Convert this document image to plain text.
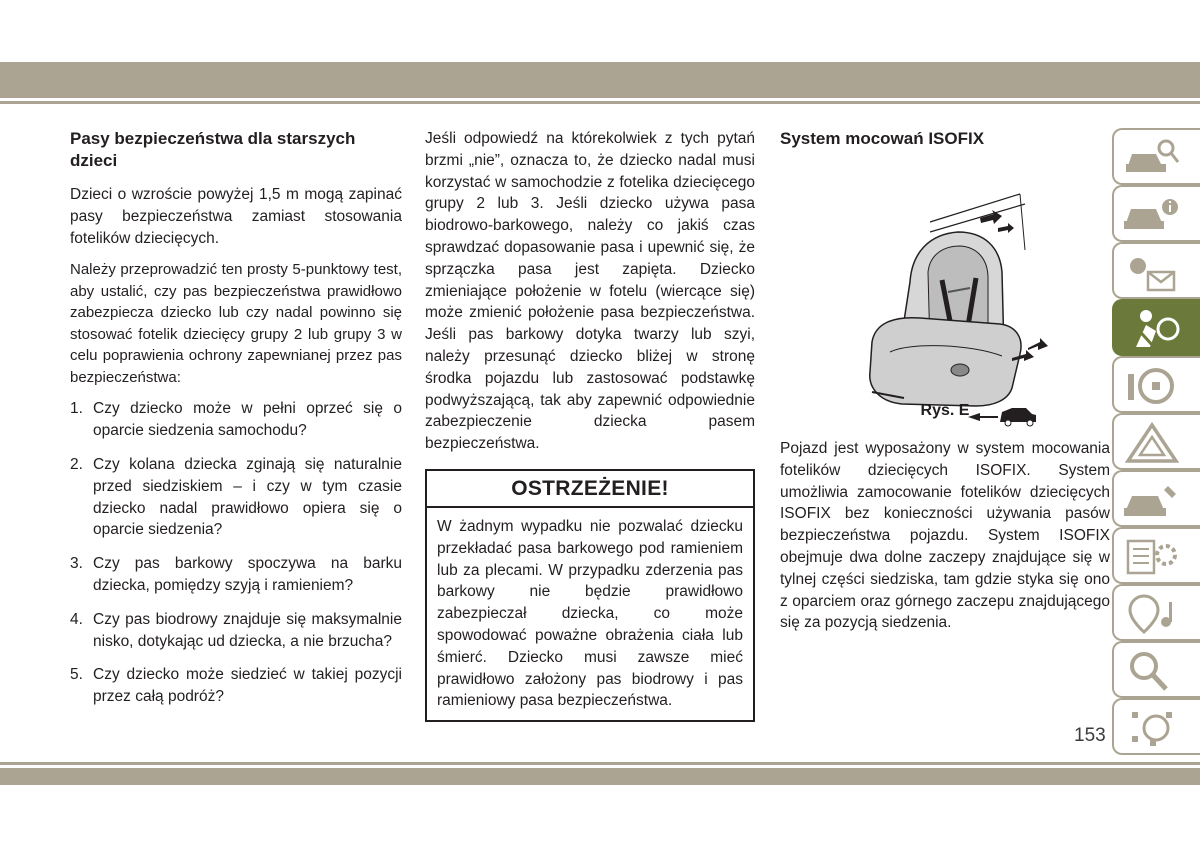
Pasy bezpieczeństwa dla starszych dzieci

Dzieci o wzroście powyżej 1,5 m mogą zapinać pasy bezpieczeństwa zamiast stosowania fotelików dziecięcych.

Należy przeprowadzić ten prosty 5-punktowy test, aby ustalić, czy pas bezpieczeństwa prawidłowo zabezpiecza dziecko lub czy nadal powinno się stosować fotelik dziecięcy grupy 2 lub grupy 3 w celu poprawienia ochrony zapewnianej przez pas bezpieczeństwa:

1. Czy dziecko może w pełni oprzeć się o oparcie siedzenia samochodu?
2. Czy kolana dziecka zginają się naturalnie przed siedziskiem – i czy w tym czasie dziecko nadal prawidłowo opiera się o oparcie siedzenia?
3. Czy pas barkowy spoczywa na barku dziecka, pomiędzy szyją i ramieniem?
4. Czy pas biodrowy znajduje się maksymalnie nisko, dotykając ud dziecka, a nie brzucha?
5. Czy dziecko może siedzieć w takiej pozycji przez całą podróż?

Jeśli odpowiedź na którekolwiek z tych pytań brzmi „nie”, oznacza to, że dziecko nadal musi korzystać w samochodzie z fotelika dziecięcego grupy 2 lub 3. Jeśli dziecko używa pasa biodrowo-barkowego, należy co jakiś czas sprawdzać dopasowanie pasa i upewnić się, że sprzączka pasa jest zapięta. Dziecko zmieniające położenie w fotelu (wiercące się) może zmienić położenie pasa bezpieczeństwa. Jeśli pas barkowy dotyka twarzy lub szyi, należy przesunąć dziecko bliżej w stronę środka pojazdu lub zastosować podstawkę podwyższającą, tak aby zapewnić odpowiednie zabezpieczenie dziecka pasem bezpieczeństwa.

OSTRZEŻENIE!
W żadnym wypadku nie pozwalać dziecku przekładać pasa barkowego pod ramieniem lub za plecami. W przypadku zderzenia pas barkowy nie będzie prawidłowo zabezpieczał dziecka, co może spowodować poważne obrażenia ciała lub śmierć. Dziecko musi zawsze mieć prawidłowo założony pas biodrowy i pas ramieniowy pasa bezpieczeństwa.
System mocowań ISOFIX
Rys. E

Pojazd jest wyposażony w system mocowania fotelików dziecięcych ISOFIX. System umożliwia zamocowanie fotelików dziecięcych ISOFIX bez konieczności używania pasów bezpieczeństwa pojazdu. System ISOFIX obejmuje dwa dolne zaczepy znajdujące się w tylnej części siedziska, tam gdzie styka się ono z oparciem oraz górnego zaczepu znajdującego się za pozycją siedzenia.

153
